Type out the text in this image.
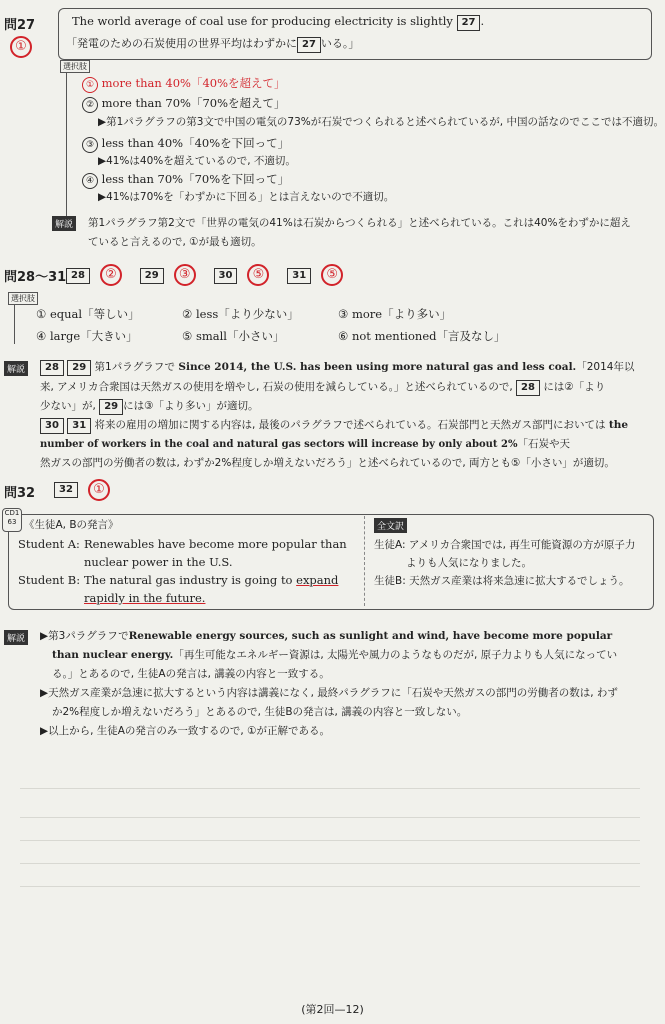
問27
①
The world average of coal use for producing electricity is slightly 27 .
「発電のための石炭使用の世界平均はわずかに 27 いる。」
選択肢
① more than 40%「40%を超えて」
② more than 70%「70%を超えて」
▶第1パラグラフの第3文で中国の電気の73%が石炭でつくられると述べられているが, 中国の話なのでここでは不適切。
③ less than 40%「40%を下回って」
▶41%は40%を超えているので, 不適切。
④ less than 70%「70%を下回って」
▶41%は70%を「わずかに下回る」とは言えないので不適切。
解説 第1パラグラフ第2文で「世界の電気の41%は石炭からつくられる」と述べられている。これは40%をわずかに超え
ていると言えるので, ①が最も適切。
問28〜31 28 ②	29 ③	30 ⑤	31 ⑤
選択肢
① equal「等しい」	② less「より少ない」	③ more「より多い」
④ large「大きい」	⑤ small「小さい」	⑥ not mentioned「言及なし」
解説	28 29 第1パラグラフで Since 2014, the U.S. has been using more natural gas and less coal.「2014年以
来, アメリカ合衆国は天然ガスの使用を増やし, 石炭の使用を減らしている。」と述べられているので, 28 には②「より
少ない」が, 29 には③「より多い」が適切。
30 31 将来の雇用の増加に関する内容は, 最後のパラグラフで述べられている。石炭部門と天然ガス部門においては the
number of workers in the coal and natural gas sectors will increase by only about 2%「石炭や天
然ガスの部門の労働者の数は, わずか2%程度しか増えないだろう」と述べられているので, 両方とも⑤「小さい」が適切。
問32	32	①
CD1
63 《生徒A, Bの発言》
Student A: Renewables have become more popular than
nuclear power in the U.S.
Student B: The natural gas industry is going to expand
rapidly in the future.
全文訳
生徒A: アメリカ合衆国では, 再生可能資源の方が原子力
よりも人気になりました。
生徒B: 天然ガス産業は将来急速に拡大するでしょう。
解説 ▶第3パラグラフでRenewable energy sources, such as sunlight and wind, have become more popular
than nuclear energy.「再生可能なエネルギー資源は, 太陽光や風力のようなものだが, 原子力よりも人気になってい
る。」とあるので, 生徒Aの発言は, 講義の内容と一致する。
▶天然ガス産業が急速に拡大するという内容は講義になく, 最終パラグラフに「石炭や天然ガスの部門の労働者の数は, わず
か2%程度しか増えないだろう」とあるので, 生徒Bの発言は, 講義の内容と一致しない。
▶以上から, 生徒Aの発言のみ一致するので, ①が正解である。
(第2回—12)
